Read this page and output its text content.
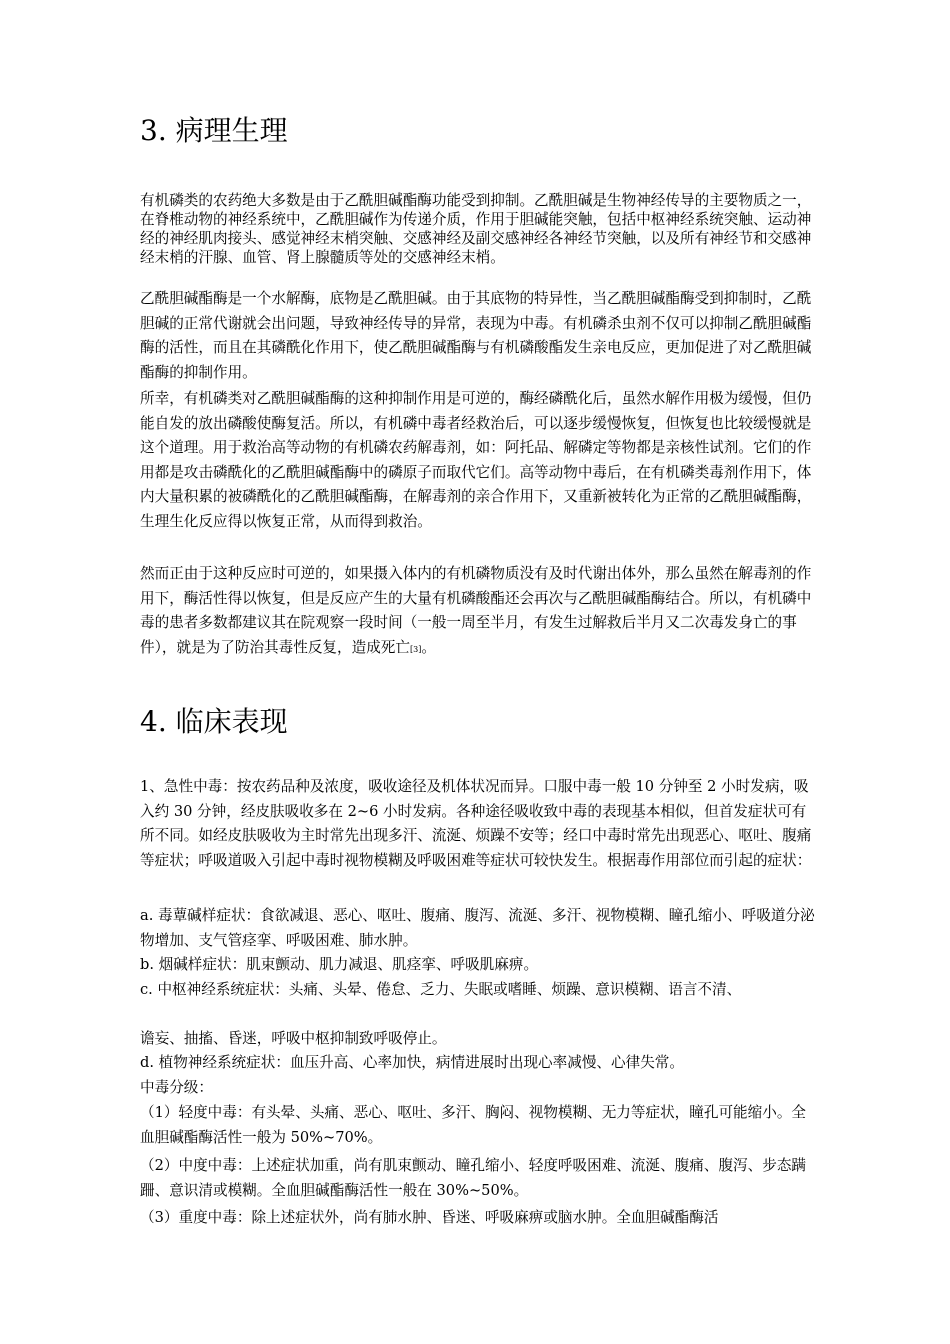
3. 病理生理

有机磷类的农药绝大多数是由于乙酰胆碱酯酶功能受到抑制。乙酰胆碱是生物神经传导的主要物质之一，在脊椎动物的神经系统中，乙酰胆碱作为传递介质，作用于胆碱能突触，包括中枢神经系统突触、运动神经的神经肌肉接头、感觉神经末梢突触、交感神经及副交感神经各神经节突触，以及所有神经节和交感神经末梢的汗腺、血管、肾上腺髓质等处的交感神经末梢。

乙酰胆碱酯酶是一个水解酶，底物是乙酰胆碱。由于其底物的特异性，当乙酰胆碱酯酶受到抑制时，乙酰胆碱的正常代谢就会出问题，导致神经传导的异常，表现为中毒。有机磷杀虫剂不仅可以抑制乙酰胆碱酯酶的活性，而且在其磷酰化作用下，使乙酰胆碱酯酶与有机磷酸酯发生亲电反应，更加促进了对乙酰胆碱酯酶的抑制作用。

所幸，有机磷类对乙酰胆碱酯酶的这种抑制作用是可逆的，酶经磷酰化后，虽然水解作用极为缓慢，但仍能自发的放出磷酸使酶复活。所以，有机磷中毒者经救治后，可以逐步缓慢恢复，但恢复也比较缓慢就是这个道理。用于救治高等动物的有机磷农药解毒剂，如：阿托品、解磷定等物都是亲核性试剂。它们的作用都是攻击磷酰化的乙酰胆碱酯酶中的磷原子而取代它们。高等动物中毒后，在有机磷类毒剂作用下，体内大量积累的被磷酰化的乙酰胆碱酯酶，在解毒剂的亲合作用下，又重新被转化为正常的乙酰胆碱酯酶，生理生化反应得以恢复正常，从而得到救治。

然而正由于这种反应时可逆的，如果摄入体内的有机磷物质没有及时代谢出体外，那么虽然在解毒剂的作用下，酶活性得以恢复，但是反应产生的大量有机磷酸酯还会再次与乙酰胆碱酯酶结合。所以，有机磷中毒的患者多数都建议其在院观察一段时间（一般一周至半月，有发生过解救后半月又二次毒发身亡的事件），就是为了防治其毒性反复，造成死亡[3]。

4. 临床表现

1、急性中毒：按农药品种及浓度，吸收途径及机体状况而异。口服中毒一般 10 分钟至 2 小时发病，吸入约 30 分钟，经皮肤吸收多在 2~6 小时发病。各种途径吸收致中毒的表现基本相似，但首发症状可有所不同。如经皮肤吸收为主时常先出现多汗、流涎、烦躁不安等；经口中毒时常先出现恶心、呕吐、腹痛等症状；呼吸道吸入引起中毒时视物模糊及呼吸困难等症状可较快发生。根据毒作用部位而引起的症状：

a. 毒蕈碱样症状：食欲减退、恶心、呕吐、腹痛、腹泻、流涎、多汗、视物模糊、瞳孔缩小、呼吸道分泌物增加、支气管痉挛、呼吸困难、肺水肿。

b. 烟碱样症状：肌束颤动、肌力减退、肌痉挛、呼吸肌麻痹。

c. 中枢神经系统症状：头痛、头晕、倦怠、乏力、失眠或嗜睡、烦躁、意识模糊、语言不清、

谵妄、抽搐、昏迷，呼吸中枢抑制致呼吸停止。

d. 植物神经系统症状：血压升高、心率加快，病情进展时出现心率减慢、心律失常。

中毒分级：

（1）轻度中毒：有头晕、头痛、恶心、呕吐、多汗、胸闷、视物模糊、无力等症状，瞳孔可能缩小。全血胆碱酯酶活性一般为 50%~70%。

（2）中度中毒：上述症状加重，尚有肌束颤动、瞳孔缩小、轻度呼吸困难、流涎、腹痛、腹泻、步态蹒跚、意识清或模糊。全血胆碱酯酶活性一般在 30%~50%。

（3）重度中毒：除上述症状外，尚有肺水肿、昏迷、呼吸麻痹或脑水肿。全血胆碱酯酶活
